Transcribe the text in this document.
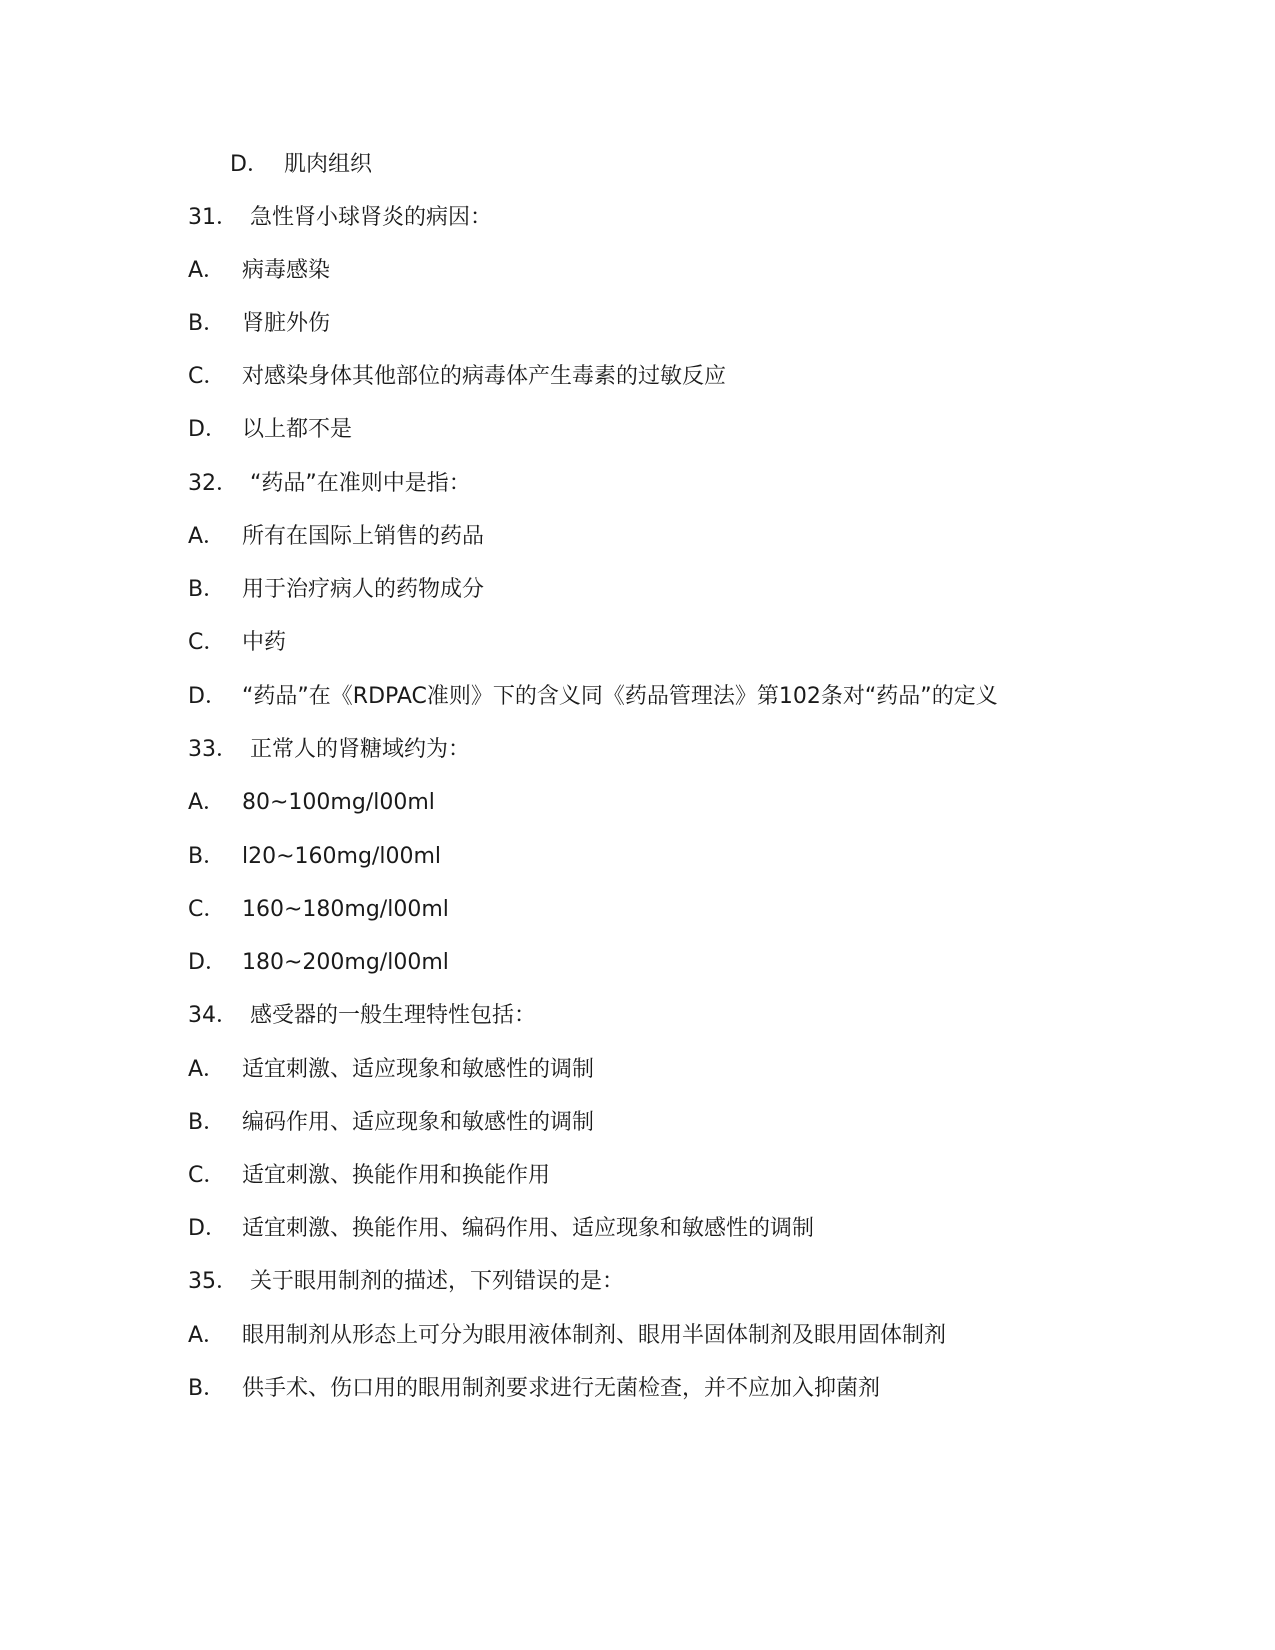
D． 肌肉组织
31． 急性肾小球肾炎的病因：
A． 病毒感染
B． 肾脏外伤
C． 对感染身体其他部位的病毒体产生毒素的过敏反应
D． 以上都不是
32． “药品”在准则中是指：
A． 所有在国际上销售的药品
B． 用于治疗病人的药物成分
C． 中药
D． “药品”在《RDPAC准则》下的含义同《药品管理法》第102条对“药品”的定义
33． 正常人的肾糖域约为：
A． 80~100mg/l00ml
B． l20~160mg/l00ml
C． 160~180mg/l00ml
D． 180~200mg/l00ml
34． 感受器的一般生理特性包括：
A． 适宜刺激、适应现象和敏感性的调制
B． 编码作用、适应现象和敏感性的调制
C． 适宜刺激、换能作用和换能作用
D． 适宜刺激、换能作用、编码作用、适应现象和敏感性的调制
35． 关于眼用制剂的描述，下列错误的是：
A． 眼用制剂从形态上可分为眼用液体制剂、眼用半固体制剂及眼用固体制剂
B． 供手术、伤口用的眼用制剂要求进行无菌检查，并不应加入抑菌剂
